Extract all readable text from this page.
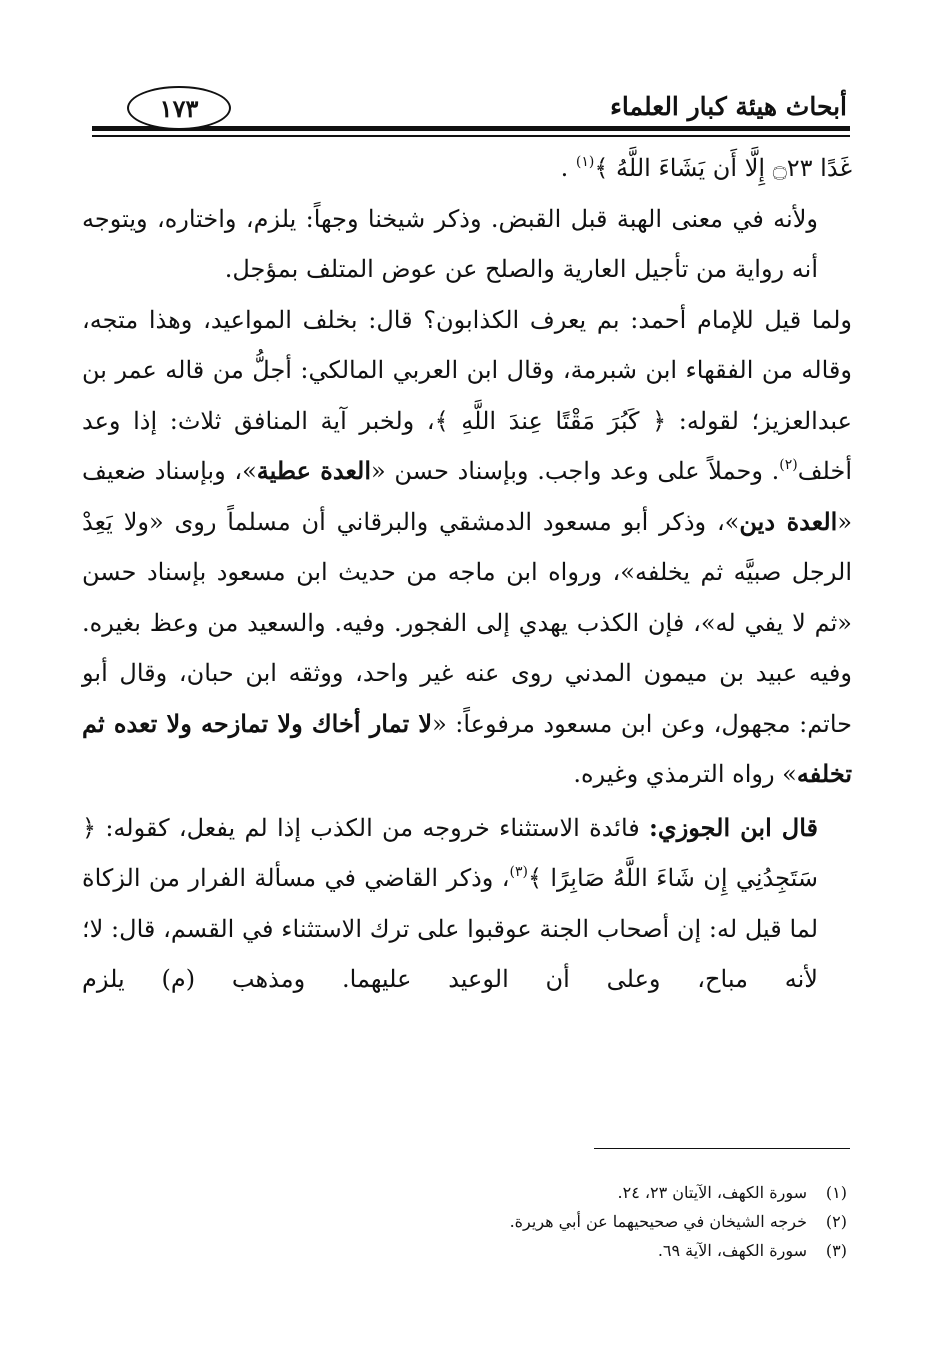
أبحاث هيئة كبار العلماء
١٧٣

غَدًا ۝٢٣ إِلَّا أَن يَشَاءَ اللَّهُ ﴾$^{(١)}$ .

ولأنه في معنى الهبة قبل القبض. وذكر شيخنا وجهاً: يلزم، واختاره، ويتوجه أنه رواية من تأجيل العارية والصلح عن عوض المتلف بمؤجل.

ولما قيل للإمام أحمد: بم يعرف الكذابون؟ قال: بخلف المواعيد، وهذا متجه، وقاله من الفقهاء ابن شبرمة، وقال ابن العربي المالكي: أجلُّ من قاله عمر بن عبدالعزيز؛ لقوله: ﴿ كَبُرَ مَقْتًا عِندَ اللَّهِ ﴾، ولخبر آية المنافق ثلاث: إذا وعد أخلف$^{(٢)}$. وحملاً على وعد واجب. وبإسناد حسن «العدة عطية»، وبإسناد ضعيف «العدة دين»، وذكر أبو مسعود الدمشقي والبرقاني أن مسلماً روى «ولا يَعِدْ الرجل صبيَّه ثم يخلفه»، ورواه ابن ماجه من حديث ابن مسعود بإسناد حسن «ثم لا يفي له»، فإن الكذب يهدي إلى الفجور. وفيه. والسعيد من وعظ بغيره. وفيه عبيد بن ميمون المدني روى عنه غير واحد، ووثقه ابن حبان، وقال أبو حاتم: مجهول، وعن ابن مسعود مرفوعاً: «لا تمار أخاك ولا تمازحه ولا تعده ثم تخلفه» رواه الترمذي وغيره.

قال ابن الجوزي: فائدة الاستثناء خروجه من الكذب إذا لم يفعل، كقوله: ﴿ سَتَجِدُنِي إِن شَاءَ اللَّهُ صَابِرًا ﴾$^{(٣)}$، وذكر القاضي في مسألة الفرار من الزكاة لما قيل له: إن أصحاب الجنة عوقبوا على ترك الاستثناء في القسم، قال: لا؛ لأنه مباح، وعلى أن الوعيد عليهما. ومذهب (م) يلزم

(١)
سورة الكهف، الآيتان ٢٣، ٢٤.
(٢)
خرجه الشيخان في صحيحيهما عن أبي هريرة.
(٣)
سورة الكهف، الآية ٦٩.
